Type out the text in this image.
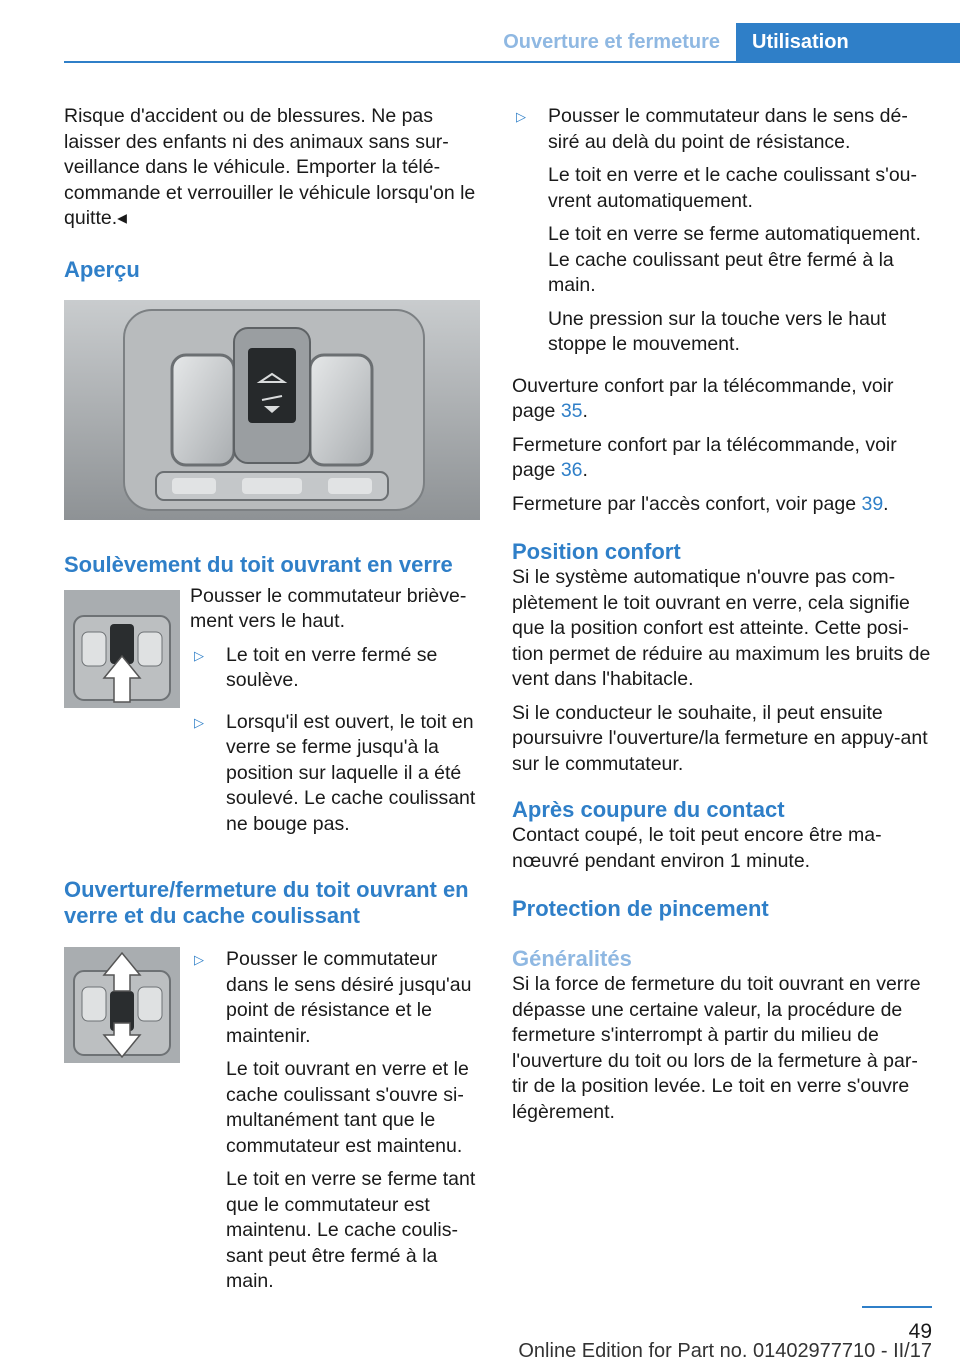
Ouverture et fermeture	Utilisation

Risque d'accident ou de blessures. Ne pas laisser des enfants ni des animaux sans sur-veillance dans le véhicule. Emporter la télé-commande et verrouiller le véhicule lorsqu'on le quitte.◂

Aperçu
Soulèvement du toit ouvrant en verre

Pousser le commutateur briève-ment vers le haut.

▷	Le toit en verre fermé se soulève.

▷	Lorsqu'il est ouvert, le toit en verre se ferme jusqu'à la position sur laquelle il a été soulevé. Le cache coulissant ne bouge pas.

Ouverture/fermeture du toit ouvrant en verre et du cache coulissant
▷	Pousser le commutateur dans le sens désiré jusqu'au point de résistance et le maintenir.

Le toit ouvrant en verre et le cache coulissant s'ouvre si-multanément tant que le commutateur est maintenu.

Le toit en verre se ferme tant que le commutateur est maintenu. Le cache coulis-sant peut être fermé à la main.

▷	Pousser le commutateur dans le sens dé-siré au delà du point de résistance.

Le toit en verre et le cache coulissant s'ou-vrent automatiquement.

Le toit en verre se ferme automatiquement. Le cache coulissant peut être fermé à la main.

Une pression sur la touche vers le haut stoppe le mouvement.

Ouverture confort par la télécommande, voir page 35.

Fermeture confort par la télécommande, voir page 36.

Fermeture par l'accès confort, voir page 39.

Position confort

Si le système automatique n'ouvre pas com-plètement le toit ouvrant en verre, cela signifie que la position confort est atteinte. Cette posi-tion permet de réduire au maximum les bruits de vent dans l'habitacle.

Si le conducteur le souhaite, il peut ensuite poursuivre l'ouverture/la fermeture en appuy-ant sur le commutateur.

Après coupure du contact

Contact coupé, le toit peut encore être ma-nœuvré pendant environ 1 minute.

Protection de pincement
Généralités

Si la force de fermeture du toit ouvrant en verre dépasse une certaine valeur, la procédure de fermeture s'interrompt à partir du milieu de l'ouverture du toit ou lors de la fermeture à par-tir de la position levée. Le toit en verre s'ouvre légèrement.

49
Online Edition for Part no. 01402977710 - II/17
